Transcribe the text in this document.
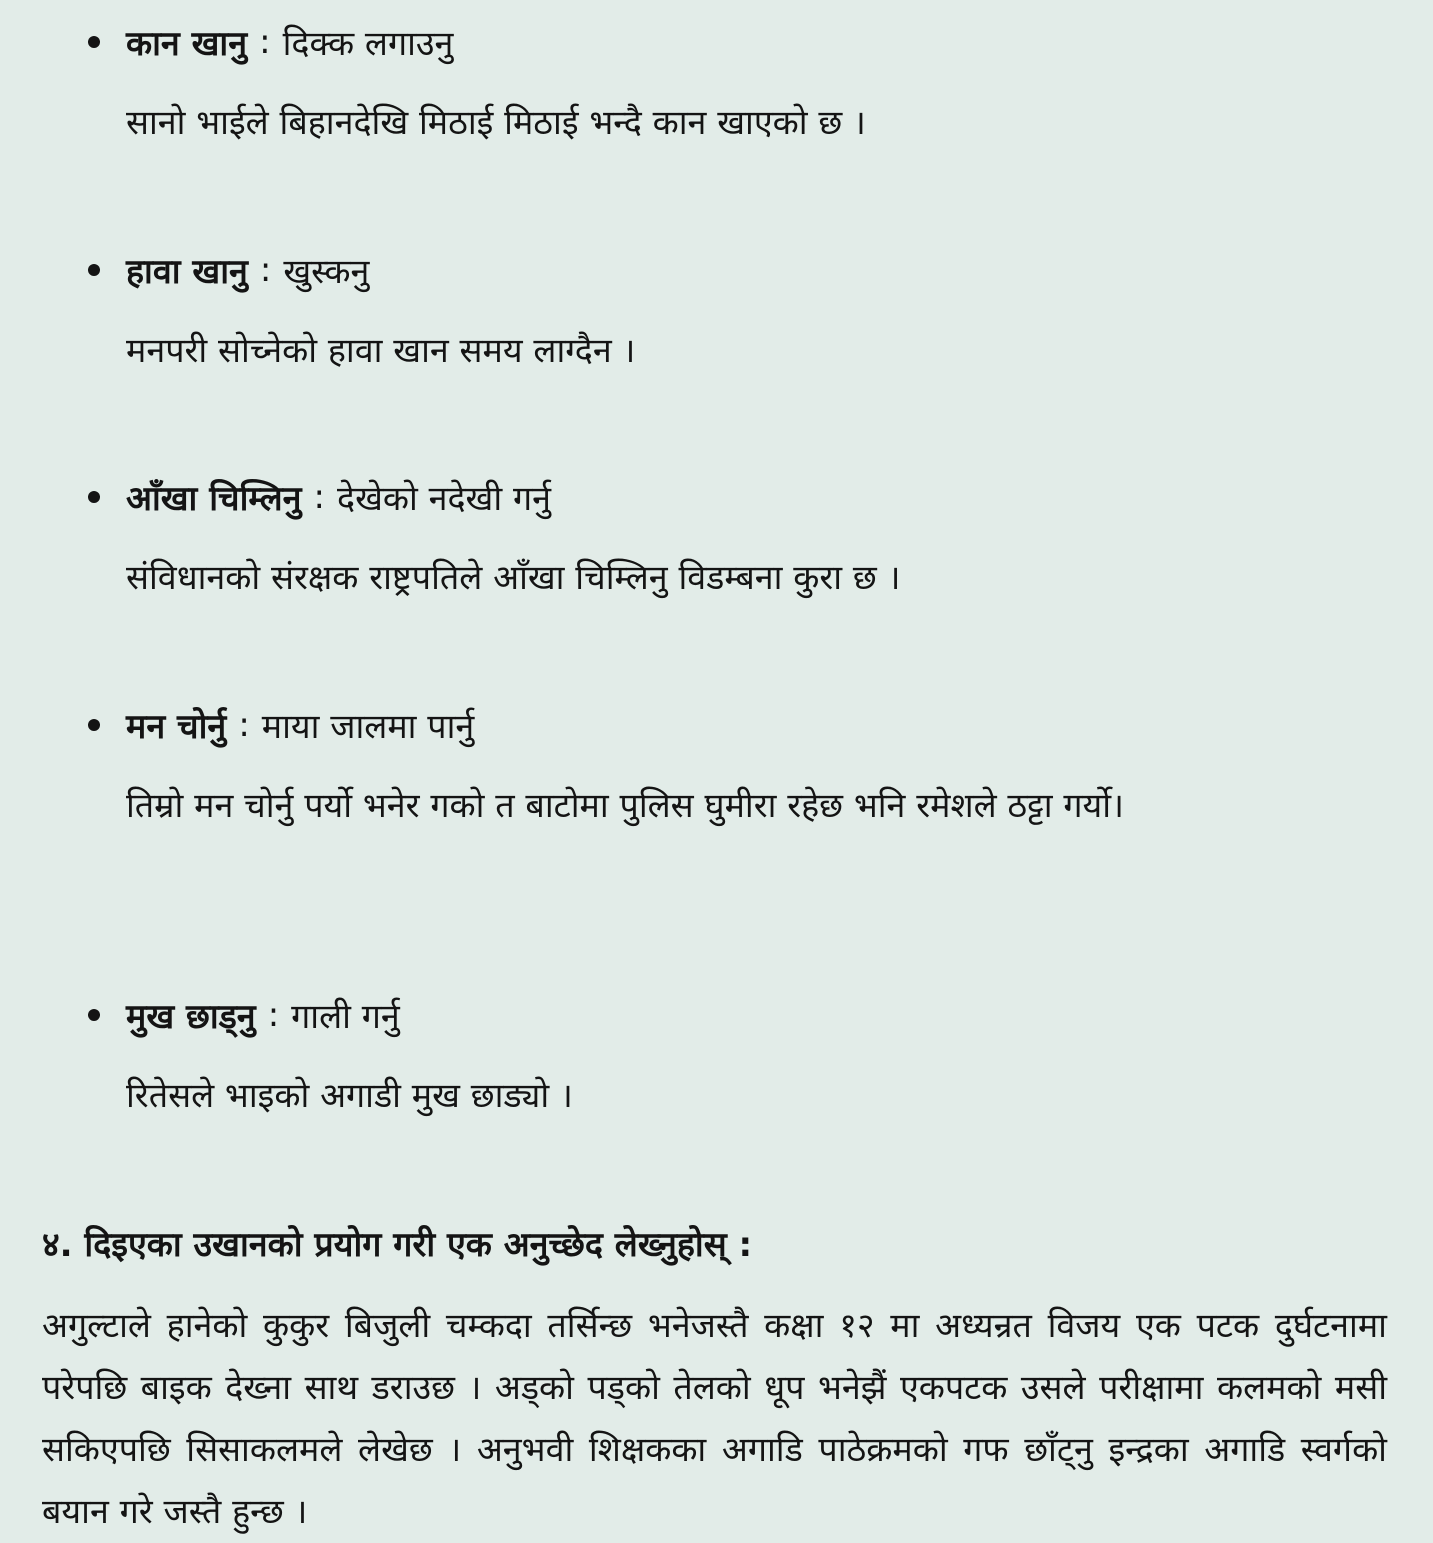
कान खानु : दिक्क लगाउनु
सानो भाईले बिहानदेखि मिठाई मिठाई भन्दै कान खाएको छ ।
हावा खानु : खुस्कनु
मनपरी सोच्नेको हावा खान समय लाग्दैन ।
आँखा चिम्लिनु : देखेको नदेखी गर्नु
संविधानको संरक्षक राष्ट्रपतिले आँखा चिम्लिनु विडम्बना कुरा छ ।
मन चोर्नु : माया जालमा पार्नु
तिम्रो मन चोर्नु पर्यो भनेर गको त बाटोमा पुलिस घुमीरा रहेछ भनि रमेशले ठट्टा गर्यो।
मुख छाड्नु : गाली गर्नु
रितेसले भाइको अगाडी मुख छाड्यो ।
४. दिइएका उखानको प्रयोग गरी एक अनुच्छेद लेख्नुहोस् :
अगुल्टाले हानेको कुकुर बिजुली चम्कदा तर्सिन्छ भनेजस्तै कक्षा १२ मा अध्यन्रत विजय एक पटक दुर्घटनामा परेपछि बाइक देख्ना साथ डराउछ । अड्को पड्को तेलको धूप भनेझैं एकपटक उसले परीक्षामा कलमको मसी सकिएपछि सिसाकलमले लेखेछ । अनुभवी शिक्षकका अगाडि पाठेक्रमको गफ छाँट्नु इन्द्रका अगाडि स्वर्गको बयान गरे जस्तै हुन्छ ।
